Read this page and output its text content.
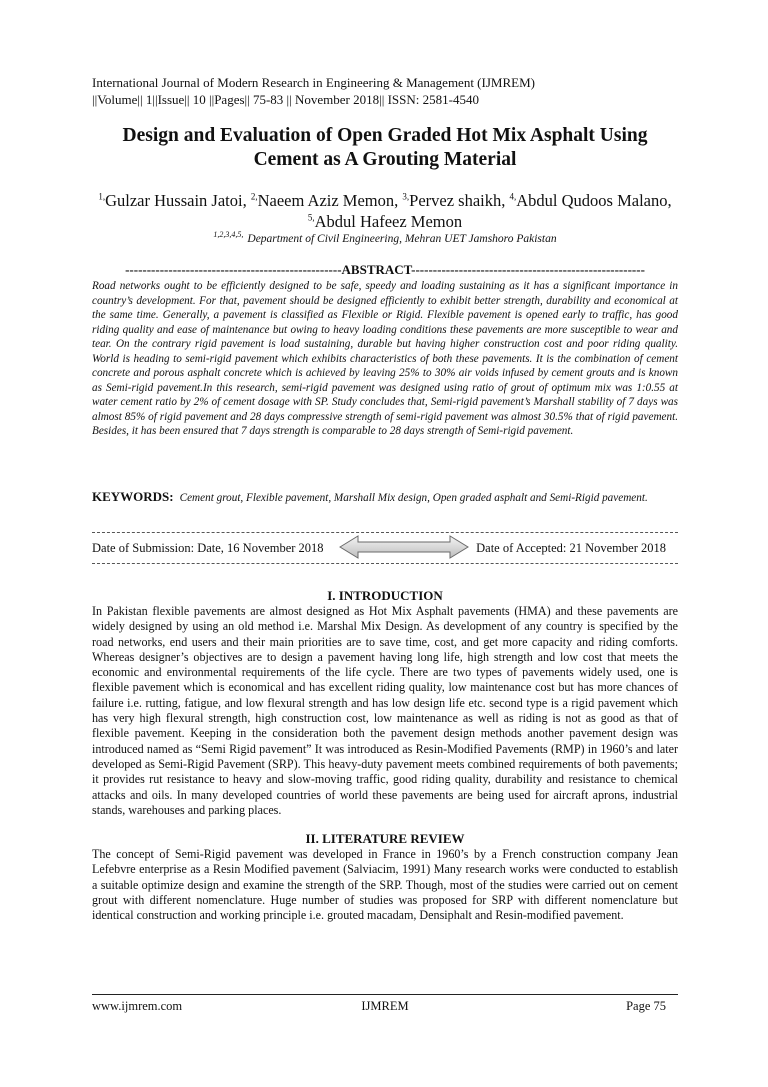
International Journal of Modern Research in Engineering & Management (IJMREM)
||Volume|| 1||Issue|| 10 ||Pages|| 75-83 || November 2018|| ISSN: 2581-4540
Design and Evaluation of Open Graded Hot Mix Asphalt Using Cement as A Grouting Material
$^{1,}$Gulzar Hussain Jatoi, $^{2,}$Naeem Aziz Memon, $^{3,}$Pervez shaikh, $^{4,}$Abdul Qudoos Malano, $^{5,}$Abdul Hafeez Memon
$^{1,2,3,4,5,}$ Department of Civil Engineering, Mehran UET Jamshoro Pakistan
--------------------------------------------------ABSTRACT------------------------------------------------------
Road networks ought to be efficiently designed to be safe, speedy and loading sustaining as it has a significant importance in country’s development. For that, pavement should be designed efficiently to exhibit better strength, durability and economical at the same time. Generally, a pavement is classified as Flexible or Rigid. Flexible pavement is opened early to traffic, has good riding quality and ease of maintenance but owing to heavy loading conditions these pavements are more susceptible to wear and tear. On the contrary rigid pavement is load sustaining, durable but having higher construction cost and poor riding quality. World is heading to semi-rigid pavement which exhibits characteristics of both these pavements. It is the combination of cement concrete and porous asphalt concrete which is achieved by leaving 25% to 30% air voids infused by cement grouts and is known as Semi-rigid pavement.In this research, semi-rigid pavement was designed using ratio of grout of optimum mix was 1:0.55 at water cement ratio by 2% of cement dosage with SP. Study concludes that, Semi-rigid pavement’s Marshall stability of 7 days was almost 85% of rigid pavement and 28 days compressive strength of semi-rigid pavement was almost 30.5% that of rigid pavement. Besides, it has been ensured that 7 days strength is comparable to 28 days strength of Semi-rigid pavement.
KEYWORDS: Cement grout, Flexible pavement, Marshall Mix design, Open graded asphalt and Semi-Rigid pavement.
Date of Submission: Date, 16 November 2018	Date of Accepted: 21 November 2018
I. INTRODUCTION

In Pakistan flexible pavements are almost designed as Hot Mix Asphalt pavements (HMA) and these pavements are widely designed by using an old method i.e. Marshal Mix Design. As development of any country is specified by the road networks, end users and their main priorities are to save time, cost, and get more capacity and riding comforts. Whereas designer’s objectives are to design a pavement having long life, high strength and low cost that meets the economic and environmental requirements of the life cycle. There are two types of pavements widely used, one is flexible pavement which is economical and has excellent riding quality, low maintenance cost but has more chances of failure i.e. rutting, fatigue, and low flexural strength and has low design life etc. second type is a rigid pavement which has very high flexural strength, high construction cost, low maintenance as well as riding is not as good as that of flexible pavement. Keeping in the consideration both the pavement design methods another pavement design was introduced named as “Semi Rigid pavement” It was introduced as Resin-Modified Pavements (RMP) in 1960’s and later developed as Semi-Rigid Pavement (SRP). This heavy-duty pavement meets combined requirements of both pavements; it provides rut resistance to heavy and slow-moving traffic, good riding quality, durability and resistance to chemical attacks and oils. In many developed countries of world these pavements are being used for aircraft aprons, industrial stands, warehouses and parking places.

II. LITERATURE REVIEW

The concept of Semi-Rigid pavement was developed in France in 1960’s by a French construction company Jean Lefebvre enterprise as a Resin Modified pavement (Salviacim, 1991) Many research works were conducted to establish a suitable optimize design and examine the strength of the SRP. Though, most of the studies were carried out on cement grout with different nomenclature. Huge number of studies was proposed for SRP with different nomenclature but identical construction and working principle i.e. grouted macadam, Densiphalt and Resin-modified pavement.

www.ijmrem.com	IJMREM	Page 75
